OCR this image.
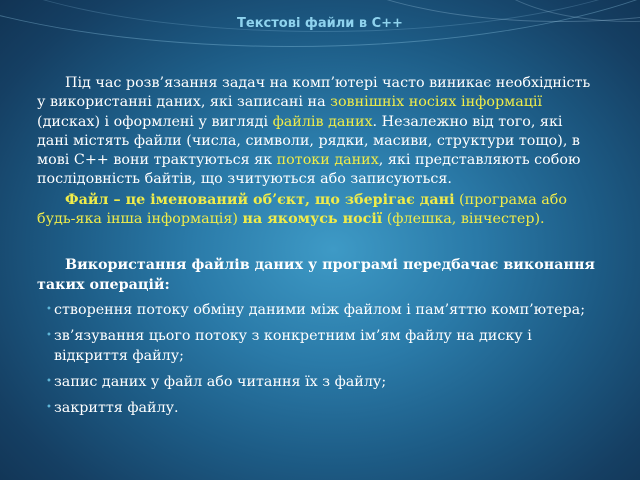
Текстові файли в С++

Під час розв’язання задач на комп’ютері часто виникає необхідність у використанні даних, які записані на зовнішніх носіях інформації (дисках) і оформлені у вигляді файлів даних. Незалежно від того, які дані містять файли (числа, символи, рядки, масиви, структури тощо), в мові С++ вони трактуються як потоки даних, які представляють собою послідовність байтів, що зчитуються або записуються.

Файл – це іменований об’єкт, що зберігає дані (програма або будь-яка інша інформація) на якомусь носії (флешка, вінчестер).

Використання файлів даних у програмі передбачає виконання таких операцій:

• створення потоку обміну даними між файлом і пам’яттю комп’ютера;
• зв’язування цього потоку з конкретним ім’ям файлу на диску і відкриття файлу;
• запис даних у файл або читання їх з файлу;
• закриття файлу.
